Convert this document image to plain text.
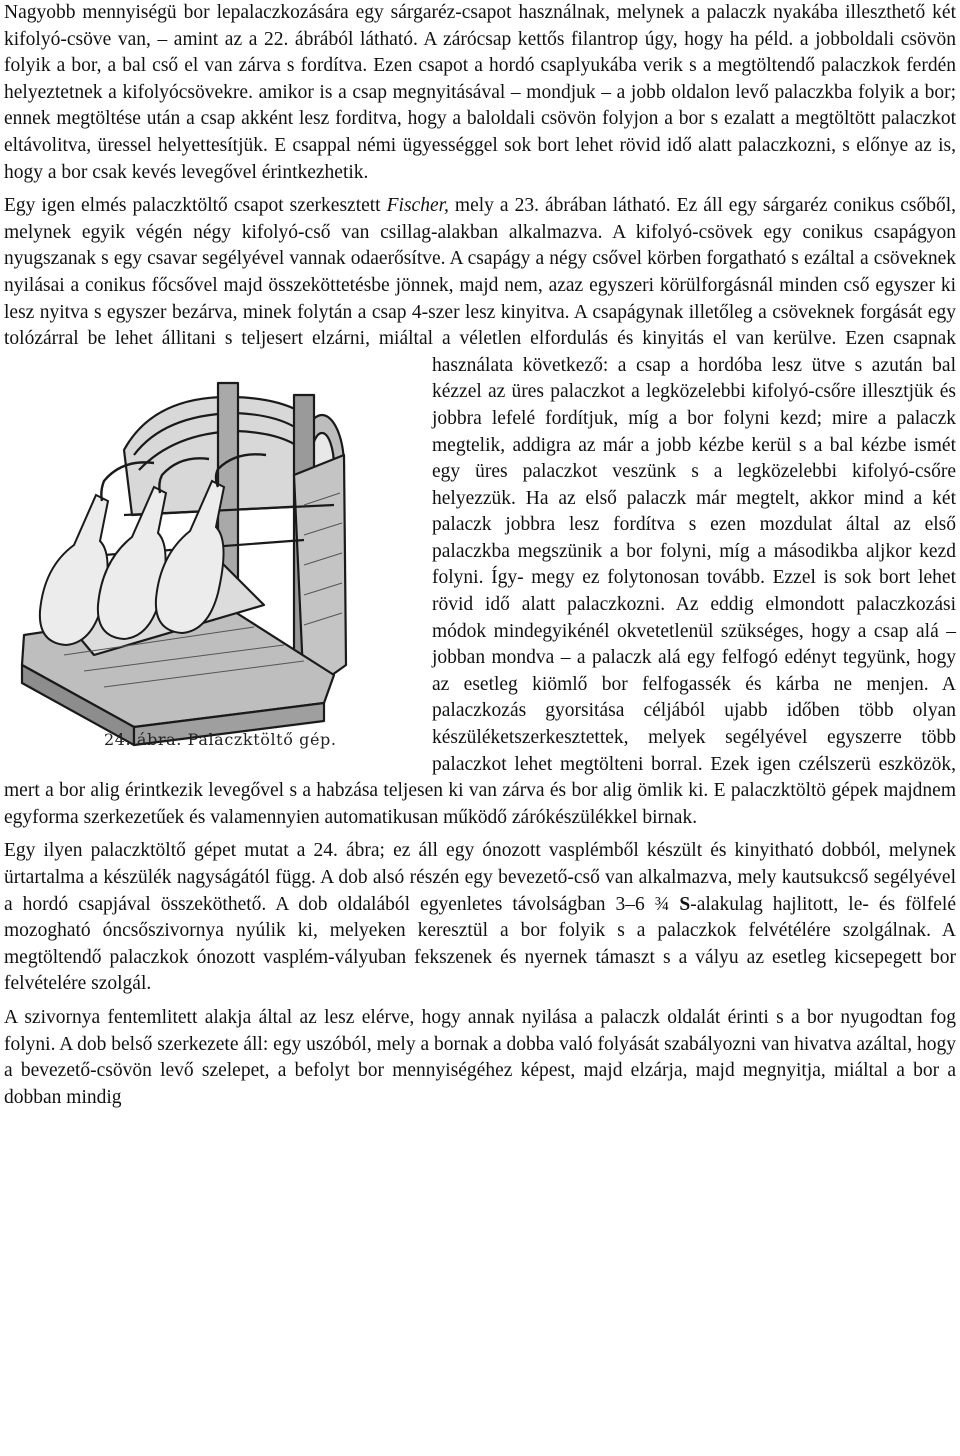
Nagyobb mennyiségü bor lepalaczkozására egy sárgaréz-csapot használnak, melynek a palaczk nyakába illeszthető két kifolyó-csöve van, – amint az a 22. ábrából látható. A zárócsap kettős filantrop úgy, hogy ha péld. a jobboldali csövön folyik a bor, a bal cső el van zárva s fordítva. Ezen csapot a hordó csaplyukába verik s a megtöltendő palaczkok ferdén helyeztetnek a kifolyócsövekre. amikor is a csap megnyitásával – mondjuk – a jobb oldalon levő palaczkba folyik a bor; ennek megtöltése után a csap akként lesz forditva, hogy a baloldali csövön folyjon a bor s ezalatt a megtöltött palaczkot eltávolitva, üressel helyettesítjük. E csappal némi ügyességgel sok bort lehet rövid idő alatt palaczkozni, s előnye az is, hogy a bor csak kevés levegővel érintkezhetik.

Egy igen elmés palaczktöltő csapot szerkesztett Fischer, mely a 23. ábrában látható. Ez áll egy sárgaréz conikus csőből, melynek egyik végén négy kifolyó-cső van csillag-alakban alkalmazva. A kifolyó-csövek egy conikus csapágyon nyugszanak s egy csavar segélyével vannak odaerősítve. A csapágy a négy csővel körben forgatható s ezáltal a csöveknek nyilásai a conikus főcsővel majd összeköttetésbe jönnek, majd nem, azaz egyszeri körülforgásnál minden cső egyszer ki lesz nyitva s egyszer bezárva, minek folytán a csap 4-szer lesz kinyitva. A csapágynak illetőleg a csöveknek forgását egy tolózárral be lehet állitani s teljesert elzárni, miáltal a véletlen elfordulás és kinyitás el van kerülve.
24. ábra. Palaczktöltő gép.
Ezen csapnak használata következő: a csap a hordóba lesz ütve s azután bal kézzel az üres palaczkot a legközelebbi kifolyó-csőre illesztjük és jobbra lefelé fordítjuk, míg a bor folyni kezd; mire a palaczk megtelik, addigra az már a jobb kézbe kerül s a bal kézbe ismét egy üres palaczkot veszünk s a legközelebbi kifolyó-csőre helyezzük. Ha az első palaczk már megtelt, akkor mind a két palaczk jobbra lesz fordítva s ezen mozdulat által az első palaczkba megszünik a bor folyni, míg a másodikba aljkor kezd folyni. Így- megy ez folytonosan tovább. Ezzel is sok bort lehet rövid idő alatt palaczkozni. Az eddig elmondott palaczkozási módok mindegyikénél okvetetlenül szükséges, hogy a csap alá – jobban mondva – a palaczk alá egy felfogó edényt tegyünk, hogy az esetleg kiömlő bor felfogassék és kárba ne menjen. A palaczkozás gyorsitása céljából ujabb időben több olyan készüléketszerkesztettek, melyek segélyével egyszerre több palaczkot lehet megtölteni borral. Ezek igen czélszerü eszközök, mert a bor alig érintkezik levegővel s a habzása teljesen ki van zárva és bor alig ömlik ki. E palaczktöltö gépek majdnem egyforma szerkezetűek és valamennyien automatikusan működő zárókészülékkel birnak.

Egy ilyen palaczktöltő gépet mutat a 24. ábra; ez áll egy ónozott vasplémből készült és kinyitható dobból, melynek ürtartalma a készülék nagyságától függ. A dob alsó részén egy bevezető-cső van alkalmazva, mely kautsukcső segélyével a hordó csapjával összeköthető. A dob oldalából egyenletes távolságban 3–6 ¾ S-alakulag hajlitott, le- és fölfelé mozogható óncsőszivornya nyúlik ki, melyeken keresztül a bor folyik s a palaczkok felvétélére szolgálnak. A megtöltendő palaczkok ónozott vasplém-vályuban fekszenek és nyernek támaszt s a vályu az esetleg kicsepegett bor felvételére szolgál.

A szivornya fentemlitett alakja által az lesz elérve, hogy annak nyilása a palaczk oldalát érinti s a bor nyugodtan fog folyni. A dob belső szerkezete áll: egy uszóból, mely a bornak a dobba való folyását szabályozni van hivatva azáltal, hogy a bevezető-csövön levő szelepet, a befolyt bor mennyiségéhez képest, majd elzárja, majd megnyitja, miáltal a bor a dobban mindig
